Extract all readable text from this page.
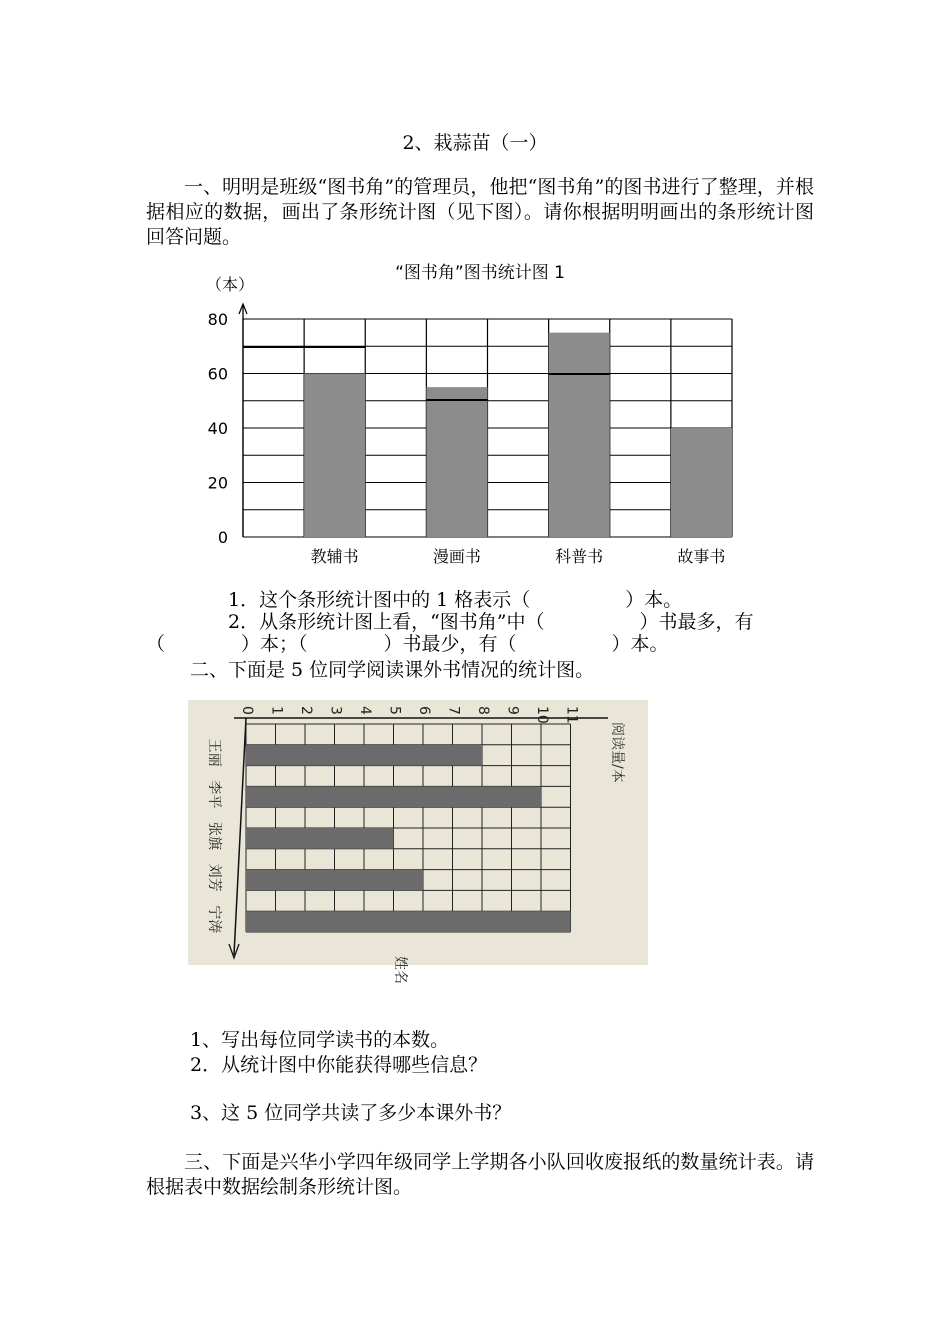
2、栽蒜苗（一）
一、明明是班级“图书角”的管理员，他把“图书角”的图书进行了整理，并根据相应的数据，画出了条形统计图（见下图）。请你根据明明画出的条形统计图回答问题。
“图书角”图书统计图 1
（本）
0
20
40
60
80
教辅书	漫画书	科普书	故事书
1．这个条形统计图中的 1 格表示（　　　　　）本。
2．从条形统计图上看，“图书角”中（　　　　　）书最多，有
（　　　　）本；（　　　　）书最少，有（　　　　　）本。
二、下面是 5 位同学阅读课外书情况的统计图。
0 1 2 3 4 5 6 7 8 9 10 11
王丽
李平
张旗
刘芳
宁涛
阅读量/本
姓名
1、写出每位同学读书的本数。
2．从统计图中你能获得哪些信息？
3、这 5 位同学共读了多少本课外书？
三、下面是兴华小学四年级同学上学期各小队回收废报纸的数量统计表。请根据表中数据绘制条形统计图。
